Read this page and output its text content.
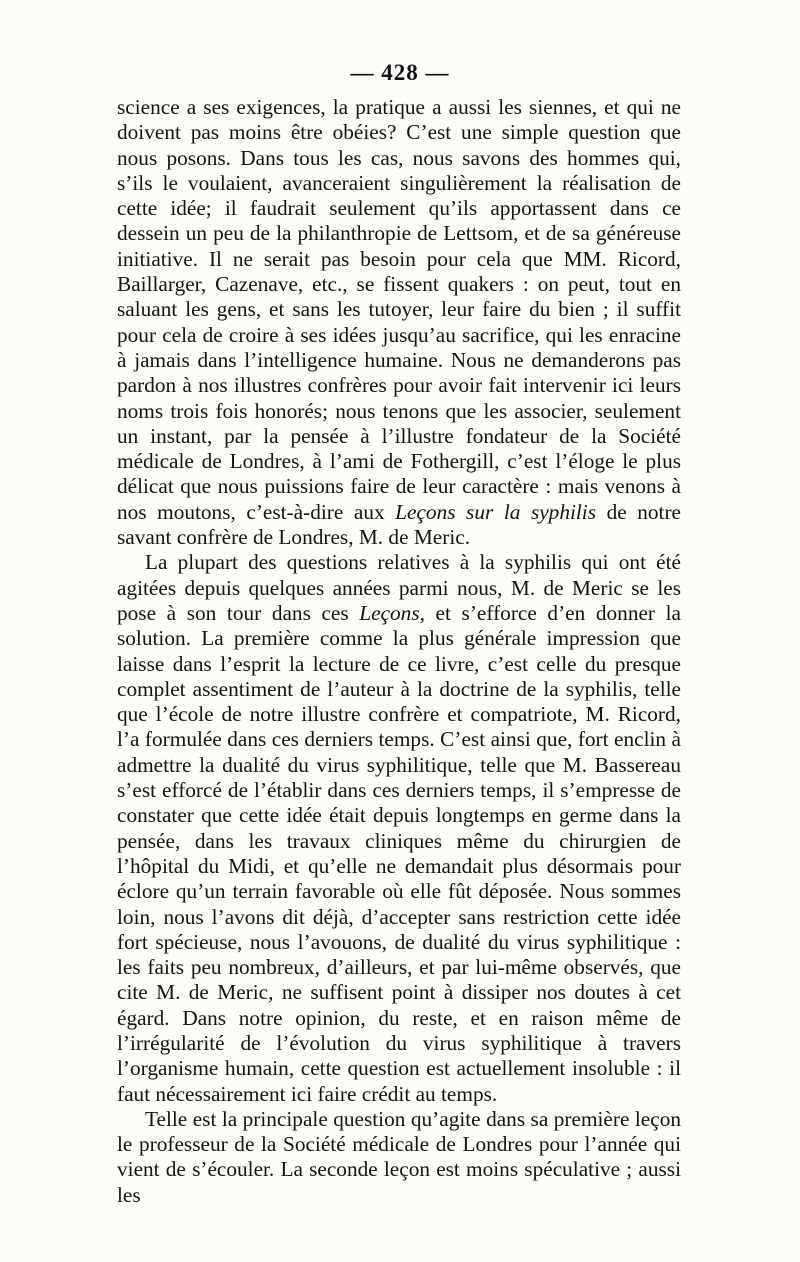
— 428 —

science a ses exigences, la pratique a aussi les siennes, et qui ne doivent pas moins être obéies? C’est une simple question que nous posons. Dans tous les cas, nous savons des hommes qui, s’ils le voulaient, avanceraient singulièrement la réalisation de cette idée; il faudrait seulement qu’ils apportassent dans ce dessein un peu de la philanthropie de Lettsom, et de sa généreuse initiative. Il ne serait pas besoin pour cela que MM. Ricord, Baillarger, Cazenave, etc., se fissent quakers : on peut, tout en saluant les gens, et sans les tutoyer, leur faire du bien ; il suffit pour cela de croire à ses idées jusqu’au sacrifice, qui les enracine à jamais dans l’intelligence humaine. Nous ne demanderons pas pardon à nos illustres confrères pour avoir fait intervenir ici leurs noms trois fois honorés; nous tenons que les associer, seulement un instant, par la pensée à l’illustre fondateur de la Société médicale de Londres, à l’ami de Fothergill, c’est l’éloge le plus délicat que nous puissions faire de leur caractère : mais venons à nos moutons, c’est-à-dire aux Leçons sur la syphilis de notre savant confrère de Londres, M. de Meric.

La plupart des questions relatives à la syphilis qui ont été agitées depuis quelques années parmi nous, M. de Meric se les pose à son tour dans ces Leçons, et s’efforce d’en donner la solution. La première comme la plus générale impression que laisse dans l’esprit la lecture de ce livre, c’est celle du presque complet assentiment de l’auteur à la doctrine de la syphilis, telle que l’école de notre illustre confrère et compatriote, M. Ricord, l’a formulée dans ces derniers temps. C’est ainsi que, fort enclin à admettre la dualité du virus syphilitique, telle que M. Bassereau s’est efforcé de l’établir dans ces derniers temps, il s’empresse de constater que cette idée était depuis longtemps en germe dans la pensée, dans les travaux cliniques même du chirurgien de l’hôpital du Midi, et qu’elle ne demandait plus désormais pour éclore qu’un terrain favorable où elle fût déposée. Nous sommes loin, nous l’avons dit déjà, d’accepter sans restriction cette idée fort spécieuse, nous l’avouons, de dualité du virus syphilitique : les faits peu nombreux, d’ailleurs, et par lui-même observés, que cite M. de Meric, ne suffisent point à dissiper nos doutes à cet égard. Dans notre opinion, du reste, et en raison même de l’irrégularité de l’évolution du virus syphilitique à travers l’organisme humain, cette question est actuellement insoluble : il faut nécessairement ici faire crédit au temps.

Telle est la principale question qu’agite dans sa première leçon le professeur de la Société médicale de Londres pour l’année qui vient de s’écouler. La seconde leçon est moins spéculative ; aussi les
